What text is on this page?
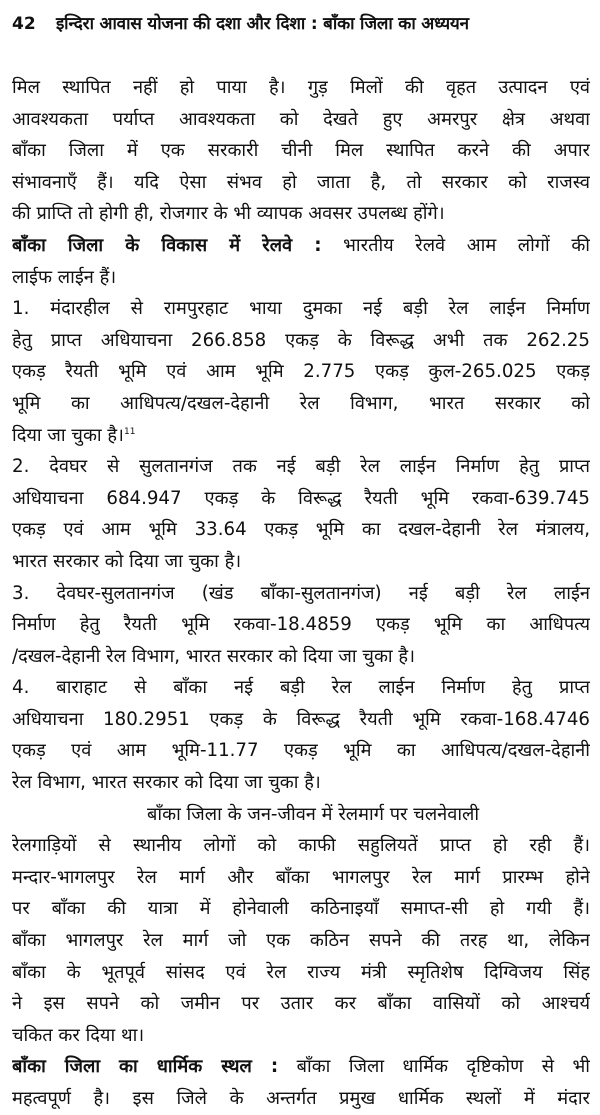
42 इन्दिरा आवास योजना की दशा और दिशा : बाँका जिला का अध्ययन
मिल स्थापित नहीं हो पाया है। गुड़ मिलों की वृहत उत्पादन एवं
आवश्यकता पर्याप्त आवश्यकता को देखते हुए अमरपुर क्षेत्र अथवा
बाँका जिला में एक सरकारी चीनी मिल स्थापित करने की अपार
संभावनाएँ हैं। यदि ऐसा संभव हो जाता है, तो सरकार को राजस्व
की प्राप्ति तो होगी ही, रोजगार के भी व्यापक अवसर उपलब्ध होंगे।
बाँका जिला के विकास में रेलवे : भारतीय रेलवे आम लोगों की
लाईफ लाईन हैं।
1. मंदारहील से रामपुरहाट भाया दुमका नई बड़ी रेल लाईन निर्माण
हेतु प्राप्त अधियाचना 266.858 एकड़ के विरूद्ध अभी तक 262.25
एकड़ रैयती भूमि एवं आम भूमि 2.775 एकड़ कुल-265.025 एकड़
भूमि का आधिपत्य/दखल-देहानी रेल विभाग, भारत सरकार को
दिया जा चुका है।$^{11}$
2. देवघर से सुलतानगंज तक नई बड़ी रेल लाईन निर्माण हेतु प्राप्त
अधियाचना 684.947 एकड़ के विरूद्ध रैयती भूमि रकवा-639.745
एकड़ एवं आम भूमि 33.64 एकड़ भूमि का दखल-देहानी रेल मंत्रालय,
भारत सरकार को दिया जा चुका है।
3. देवघर-सुलतानगंज (खंड बाँका-सुलतानगंज) नई बड़ी रेल लाईन
निर्माण हेतु रैयती भूमि रकवा-18.4859 एकड़ भूमि का आधिपत्य
/दखल-देहानी रेल विभाग, भारत सरकार को दिया जा चुका है।
4. बाराहाट से बाँका नई बड़ी रेल लाईन निर्माण हेतु प्राप्त
अधियाचना 180.2951 एकड़ के विरूद्ध रैयती भूमि रकवा-168.4746
एकड़ एवं आम भूमि-11.77 एकड़ भूमि का आधिपत्य/दखल-देहानी
रेल विभाग, भारत सरकार को दिया जा चुका है।
बाँका जिला के जन-जीवन में रेलमार्ग पर चलनेवाली
रेलगाड़ियों से स्थानीय लोगों को काफी सहुलियतें प्राप्त हो रही हैं।
मन्दार-भागलपुर रेल मार्ग और बाँका भागलपुर रेल मार्ग प्रारम्भ होने
पर बाँका की यात्रा में होनेवाली कठिनाइयाँ समाप्त-सी हो गयी हैं।
बाँका भागलपुर रेल मार्ग जो एक कठिन सपने की तरह था, लेकिन
बाँका के भूतपूर्व सांसद एवं रेल राज्य मंत्री स्मृतिशेष दिग्विजय सिंह
ने इस सपने को जमीन पर उतार कर बाँका वासियों को आश्चर्य
चकित कर दिया था।
बाँका जिला का धार्मिक स्थल : बाँका जिला धार्मिक दृष्टिकोण से भी
महत्वपूर्ण है। इस जिले के अन्तर्गत प्रमुख धार्मिक स्थलों में मंदार
